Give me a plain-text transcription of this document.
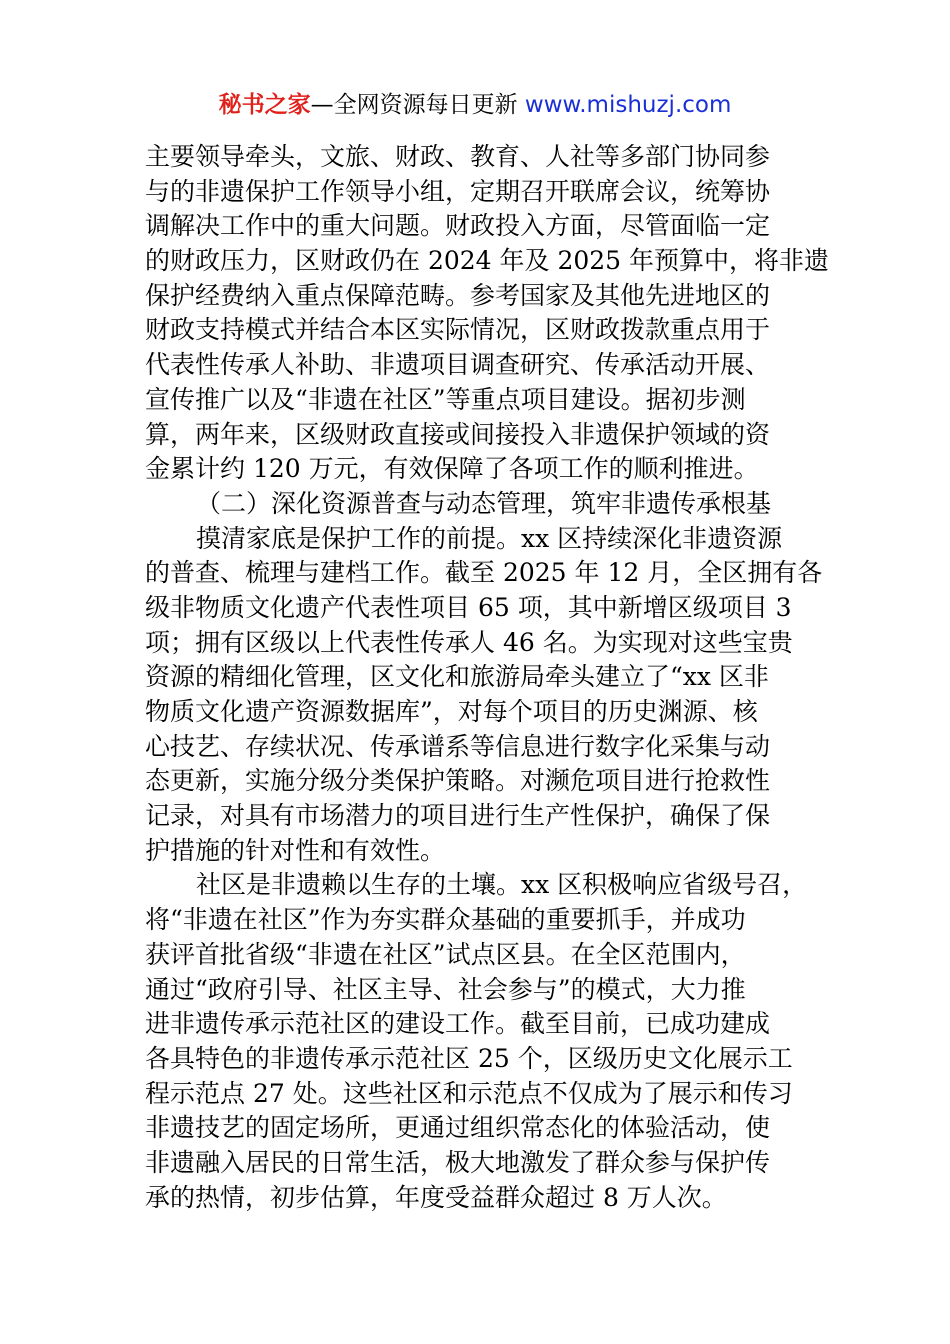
秘书之家—全网资源每日更新 www.mishuzj.com
主要领导牵头，文旅、财政、教育、人社等多部门协同参
与的非遗保护工作领导小组，定期召开联席会议，统筹协
调解决工作中的重大问题。财政投入方面，尽管面临一定
的财政压力，区财政仍在 2024 年及 2025 年预算中，将非遗
保护经费纳入重点保障范畴。参考国家及其他先进地区的
财政支持模式并结合本区实际情况，区财政拨款重点用于
代表性传承人补助、非遗项目调查研究、传承活动开展、
宣传推广以及“非遗在社区”等重点项目建设。据初步测
算，两年来，区级财政直接或间接投入非遗保护领域的资
金累计约 120 万元，有效保障了各项工作的顺利推进。
（二）深化资源普查与动态管理，筑牢非遗传承根基
摸清家底是保护工作的前提。xx 区持续深化非遗资源
的普查、梳理与建档工作。截至 2025 年 12 月，全区拥有各
级非物质文化遗产代表性项目 65 项，其中新增区级项目 3
项；拥有区级以上代表性传承人 46 名。为实现对这些宝贵
资源的精细化管理，区文化和旅游局牵头建立了“xx 区非
物质文化遗产资源数据库”，对每个项目的历史渊源、核
心技艺、存续状况、传承谱系等信息进行数字化采集与动
态更新，实施分级分类保护策略。对濒危项目进行抢救性
记录，对具有市场潜力的项目进行生产性保护，确保了保
护措施的针对性和有效性。
社区是非遗赖以生存的土壤。xx 区积极响应省级号召，
将“非遗在社区”作为夯实群众基础的重要抓手，并成功
获评首批省级“非遗在社区”试点区县。在全区范围内，
通过“政府引导、社区主导、社会参与”的模式，大力推
进非遗传承示范社区的建设工作。截至目前，已成功建成
各具特色的非遗传承示范社区 25 个，区级历史文化展示工
程示范点 27 处。这些社区和示范点不仅成为了展示和传习
非遗技艺的固定场所，更通过组织常态化的体验活动，使
非遗融入居民的日常生活，极大地激发了群众参与保护传
承的热情，初步估算，年度受益群众超过 8 万人次。
